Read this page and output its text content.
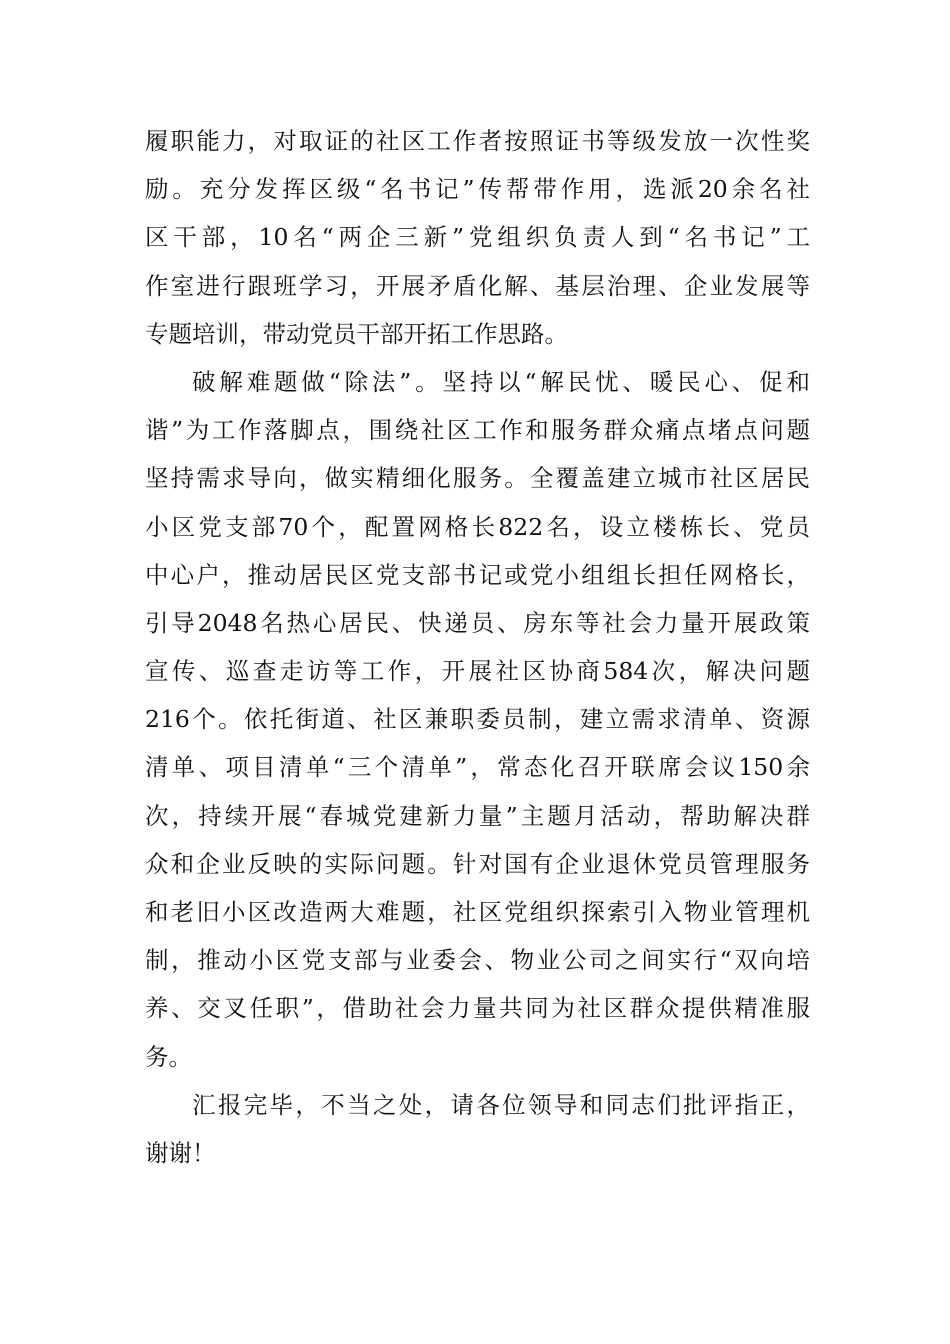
履职能力，对取证的社区工作者按照证书等级发放一次性奖
励。充分发挥区级“名书记”传帮带作用，选派20余名社
区干部，10名“两企三新”党组织负责人到“名书记”工
作室进行跟班学习，开展矛盾化解、基层治理、企业发展等
专题培训，带动党员干部开拓工作思路。
破解难题做“除法”。坚持以“解民忧、暖民心、促和
谐”为工作落脚点，围绕社区工作和服务群众痛点堵点问题
坚持需求导向，做实精细化服务。全覆盖建立城市社区居民
小区党支部70个，配置网格长822名，设立楼栋长、党员
中心户，推动居民区党支部书记或党小组组长担任网格长，
引导2048名热心居民、快递员、房东等社会力量开展政策
宣传、巡查走访等工作，开展社区协商584次，解决问题
216个。依托街道、社区兼职委员制，建立需求清单、资源
清单、项目清单“三个清单”，常态化召开联席会议150余
次，持续开展“春城党建新力量”主题月活动，帮助解决群
众和企业反映的实际问题。针对国有企业退休党员管理服务
和老旧小区改造两大难题，社区党组织探索引入物业管理机
制，推动小区党支部与业委会、物业公司之间实行“双向培
养、交叉任职”，借助社会力量共同为社区群众提供精准服
务。
汇报完毕，不当之处，请各位领导和同志们批评指正，
谢谢！
